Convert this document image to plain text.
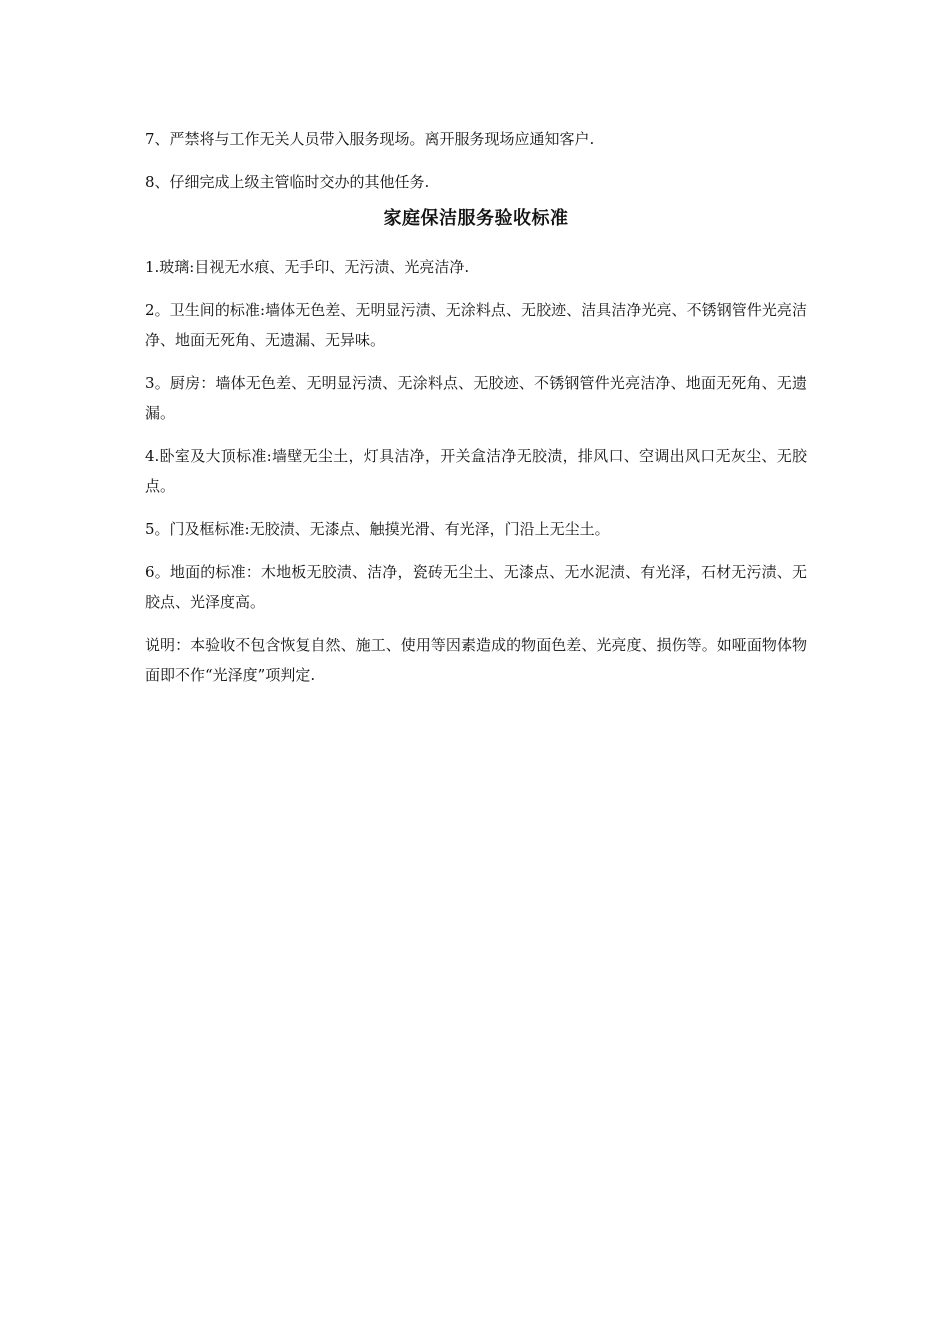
7、严禁将与工作无关人员带入服务现场。离开服务现场应通知客户.

8、仔细完成上级主管临时交办的其他任务.

家庭保洁服务验收标准

1.玻璃:目视无水痕、无手印、无污渍、光亮洁净.

2。卫生间的标准:墙体无色差、无明显污渍、无涂料点、无胶迹、洁具洁净光亮、不锈钢管件光亮洁净、地面无死角、无遗漏、无异味。

3。厨房：墙体无色差、无明显污渍、无涂料点、无胶迹、不锈钢管件光亮洁净、地面无死角、无遗漏。

4.卧室及大顶标准:墙壁无尘土，灯具洁净，开关盒洁净无胶渍，排风口、空调出风口无灰尘、无胶点。

5。门及框标准:无胶渍、无漆点、触摸光滑、有光泽，门沿上无尘土。

6。地面的标准：木地板无胶渍、洁净，瓷砖无尘土、无漆点、无水泥渍、有光泽，石材无污渍、无胶点、光泽度高。

说明：本验收不包含恢复自然、施工、使用等因素造成的物面色差、光亮度、损伤等。如哑面物体物面即不作“光泽度”项判定.
